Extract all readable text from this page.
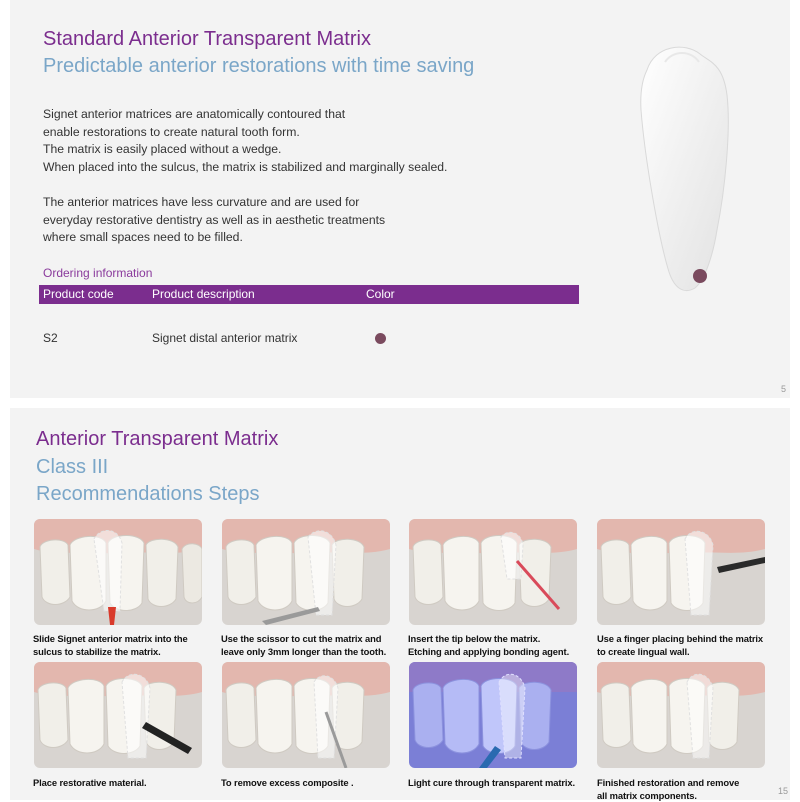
Standard Anterior Transparent Matrix
Predictable anterior restorations with time saving

Signet anterior matrices are anatomically contoured that
enable restorations to create natural tooth form.
The matrix is easily placed without a wedge.
When placed into the sulcus, the matrix is stabilized and marginally sealed.

The anterior matrices have less curvature and are used for
everyday restorative dentistry as well as in aesthetic treatments
where small spaces need to be filled.

Ordering information
Product code	Product description	Color
S2	Signet distal anterior matrix
5
Anterior Transparent Matrix
Class III
Recommendations Steps
Slide Signet anterior matrix into the
sulcus to stabilize the matrix.
Use the scissor to cut the matrix and
leave only 3mm longer than the tooth.
Insert the tip below the matrix.
Etching and applying bonding agent.
Use a finger placing behind the matrix
to create lingual wall.
Place restorative material.	To remove excess composite .	Light cure through transparent matrix.	Finished restoration and remove
all matrix components.	15
